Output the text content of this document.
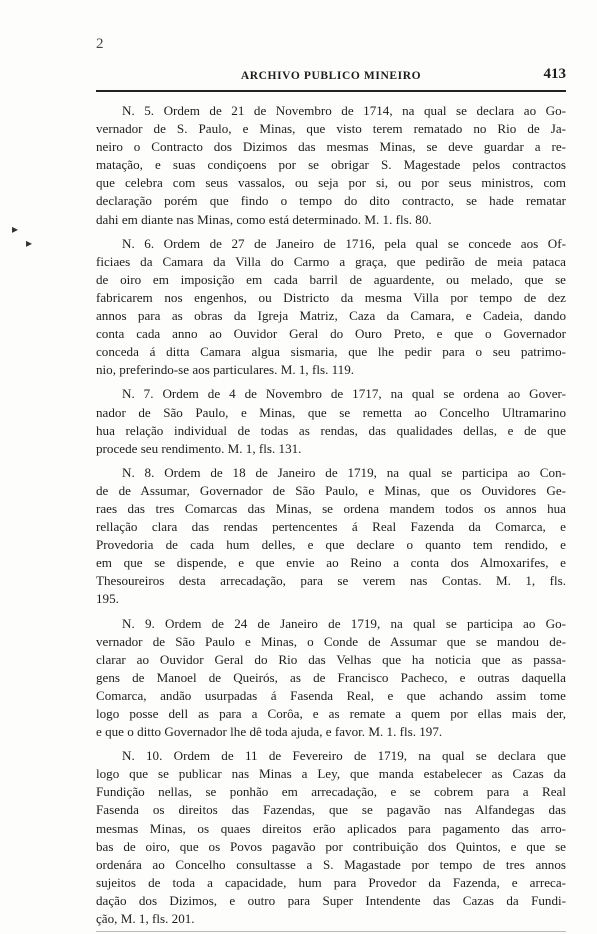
2
ARCHIVO PUBLICO MINEIRO	413
▸
▸
N. 5. Ordem de 21 de Novembro de 1714, na qual se declara ao Go-
vernador de S. Paulo, e Minas, que visto terem rematado no Rio de Ja-
neiro o Contracto dos Dizimos das mesmas Minas, se deve guardar a re-
matação, e suas condiçoens por se obrigar S. Magestade pelos contractos
que celebra com seus vassalos, ou seja por si, ou por seus ministros, com
declaração porém que findo o tempo do dito contracto, se hade rematar
dahi em diante nas Minas, como está determinado. M. 1. fls. 80.
N. 6. Ordem de 27 de Janeiro de 1716, pela qual se concede aos Of-
ficiaes da Camara da Villa do Carmo a graça, que pedirão de meia pataca
de oiro em imposição em cada barril de aguardente, ou melado, que se
fabricarem nos engenhos, ou Districto da mesma Villa por tempo de dez
annos para as obras da Igreja Matriz, Caza da Camara, e Cadeia, dando
conta cada anno ao Ouvidor Geral do Ouro Preto, e que o Governador
conceda á ditta Camara algua sismaria, que lhe pedir para o seu patrimo-
nio, preferindo-se aos particulares. M. 1, fls. 119.
N. 7. Ordem de 4 de Novembro de 1717, na qual se ordena ao Gover-
nador de São Paulo, e Minas, que se remetta ao Concelho Ultramarino
hua relação individual de todas as rendas, das qualidades dellas, e de que
procede seu rendimento. M. 1, fls. 131.
N. 8. Ordem de 18 de Janeiro de 1719, na qual se participa ao Con-
de de Assumar, Governador de São Paulo, e Minas, que os Ouvidores Ge-
raes das tres Comarcas das Minas, se ordena mandem todos os annos hua
rellação clara das rendas pertencentes á Real Fazenda da Comarca, e
Provedoria de cada hum delles, e que declare o quanto tem rendido, e
em que se dispende, e que envie ao Reino a conta dos Almoxarifes, e
Thesoureiros desta arrecadação, para se verem nas Contas. M. 1, fls.
195.
N. 9. Ordem de 24 de Janeiro de 1719, na qual se participa ao Go-
vernador de São Paulo e Minas, o Conde de Assumar que se mandou de-
clarar ao Ouvidor Geral do Rio das Velhas que ha noticia que as passa-
gens de Manoel de Queirós, as de Francisco Pacheco, e outras daquella
Comarca, andão usurpadas á Fasenda Real, e que achando assim tome
logo posse dell as para a Corôa, e as remate a quem por ellas mais der,
e que o ditto Governador lhe dê toda ajuda, e favor. M. 1. fls. 197.
N. 10. Ordem de 11 de Fevereiro de 1719, na qual se declara que
logo que se publicar nas Minas a Ley, que manda estabelecer as Cazas da
Fundição nellas, se ponhão em arrecadação, e se cobrem para a Real
Fasenda os direitos das Fazendas, que se pagavão nas Alfandegas das
mesmas Minas, os quaes direitos erão aplicados para pagamento das arro-
bas de oiro, que os Povos pagavão por contribuição dos Quintos, e que se
ordenára ao Concelho consultasse a S. Magastade por tempo de tres annos
sujeitos de toda a capacidade, hum para Provedor da Fazenda, e arreca-
dação dos Dizimos, e outro para Super Intendente das Cazas da Fundi-
ção, M. 1, fls. 201.
